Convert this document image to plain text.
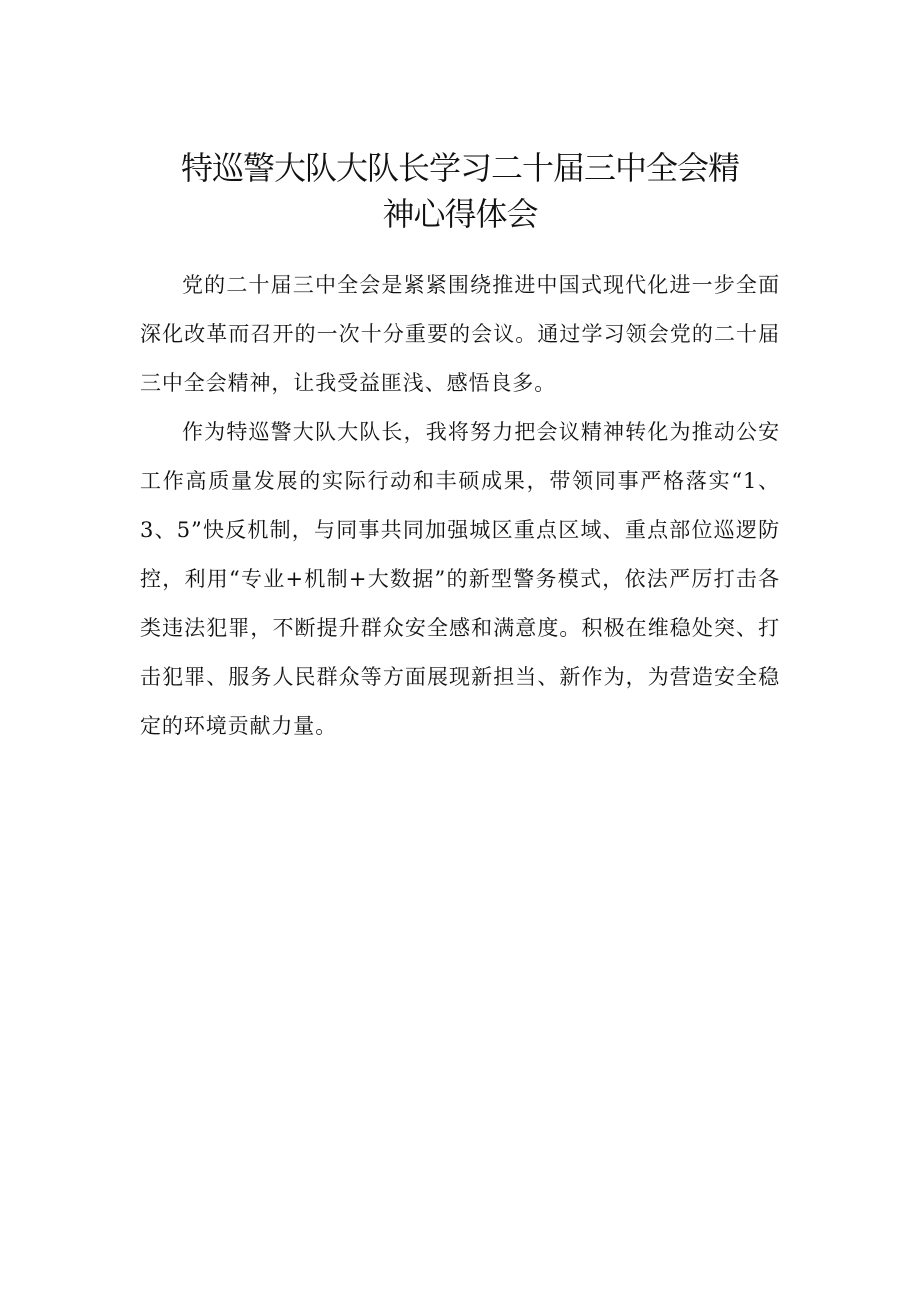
特巡警大队大队长学习二十届三中全会精
神心得体会

党的二十届三中全会是紧紧围绕推进中国式现代化进一步全面深化改革而召开的一次十分重要的会议。通过学习领会党的二十届三中全会精神，让我受益匪浅、感悟良多。

作为特巡警大队大队长，我将努力把会议精神转化为推动公安工作高质量发展的实际行动和丰硕成果，带领同事严格落实“1、3、5”快反机制，与同事共同加强城区重点区域、重点部位巡逻防控，利用“专业+机制+大数据”的新型警务模式，依法严厉打击各类违法犯罪，不断提升群众安全感和满意度。积极在维稳处突、打击犯罪、服务人民群众等方面展现新担当、新作为，为营造安全稳定的环境贡献力量。
